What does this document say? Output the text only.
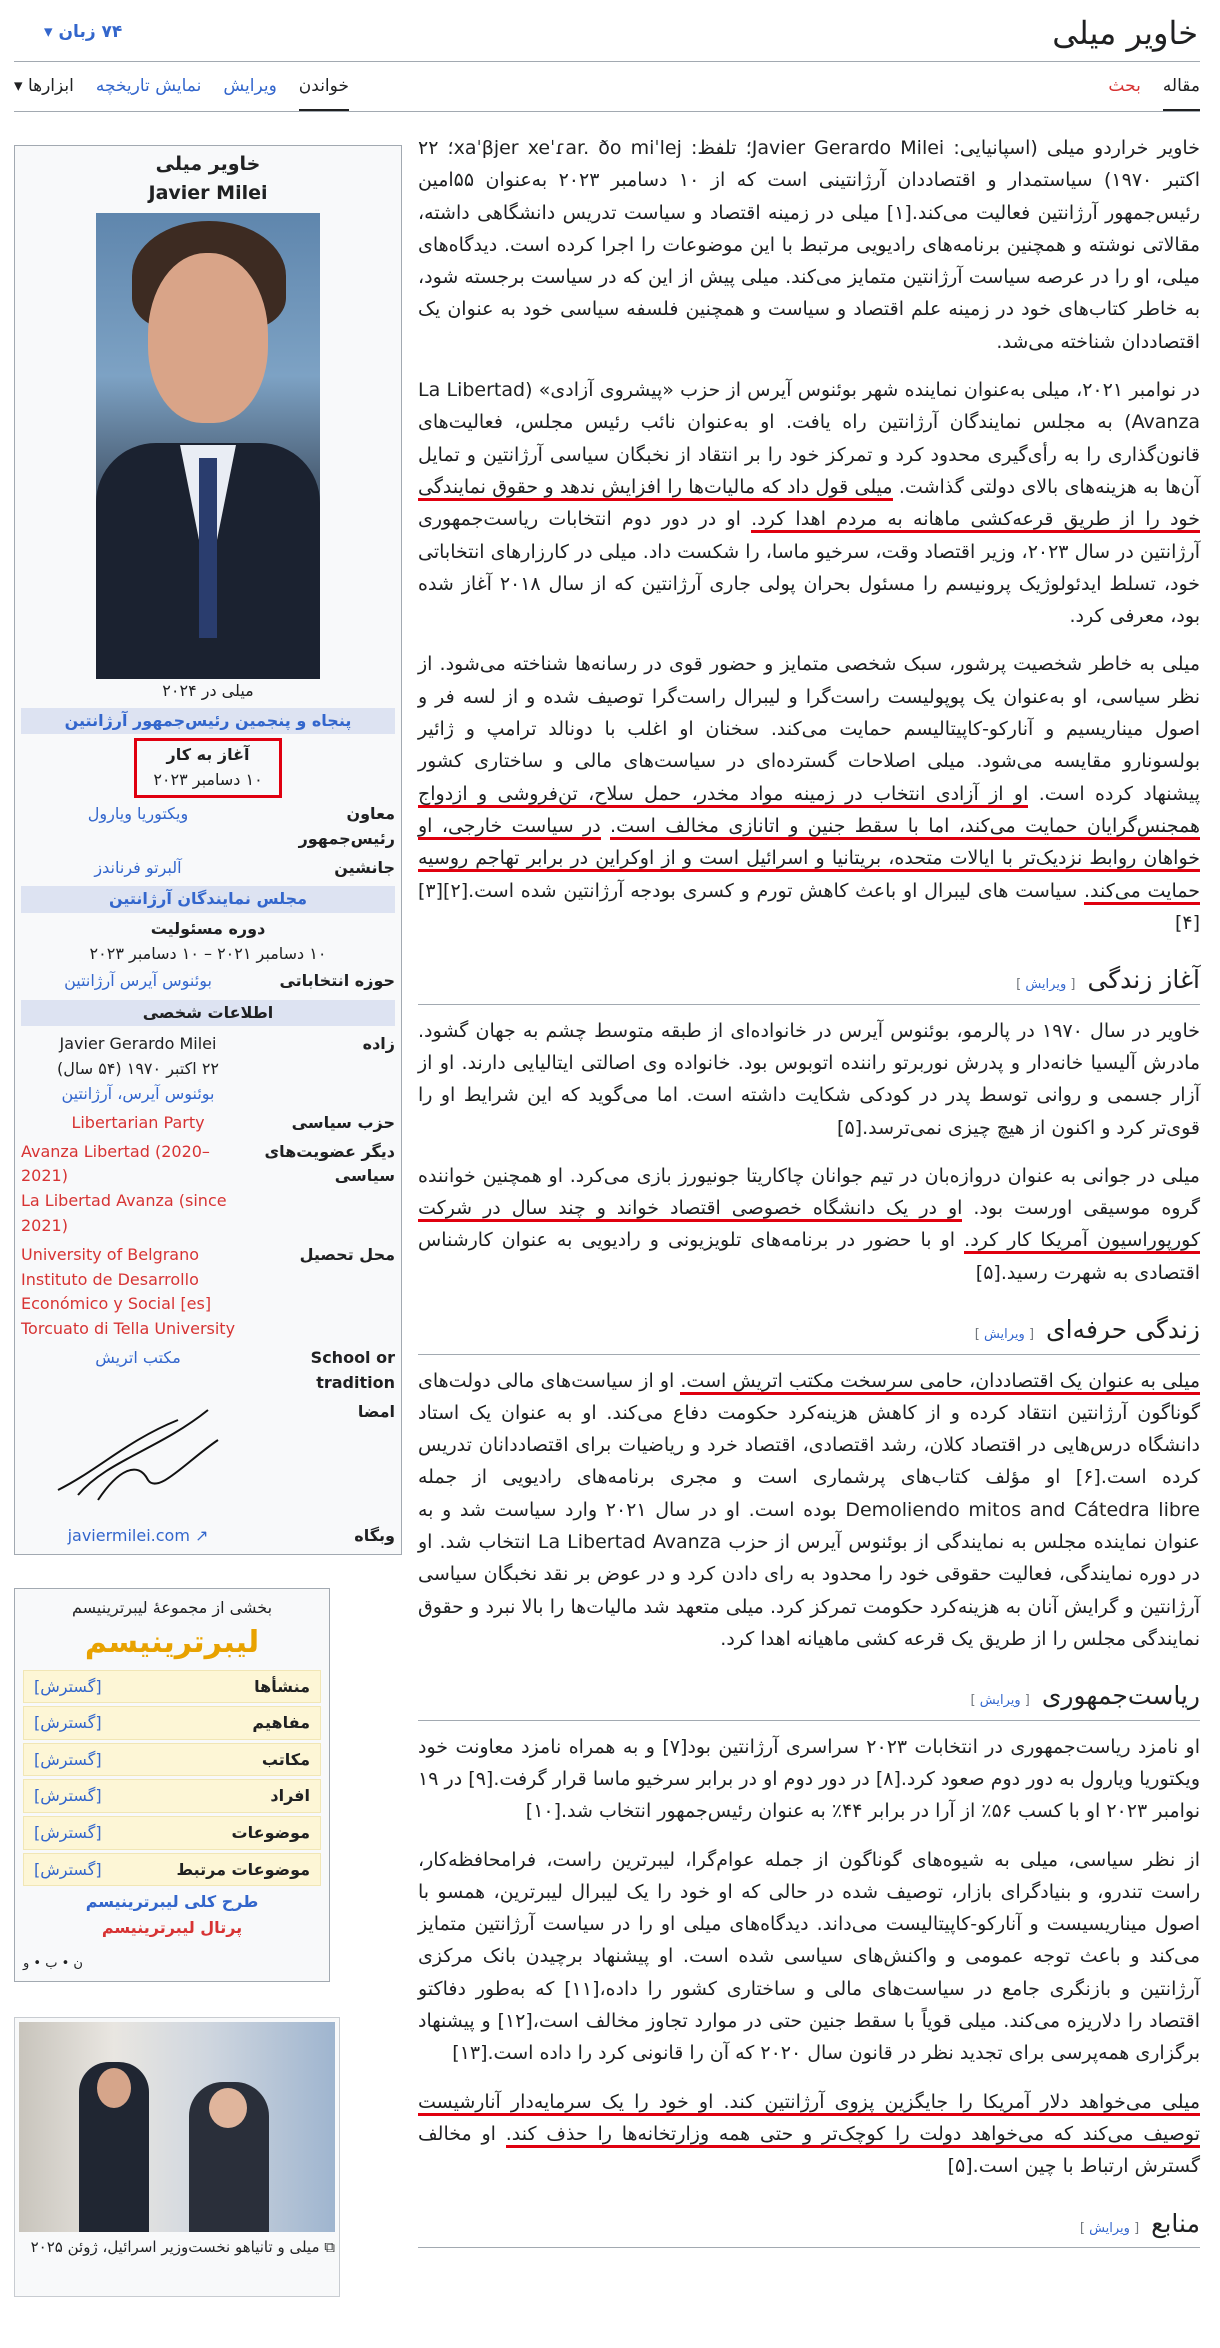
خاویر میلی
۷۴ زبان
▾
مقاله
بحث
خواندن
ویرایش
نمایش تاریخچه
ابزارها ▾

خاویر خراردو میلی (اسپانیایی: Javier Gerardo Milei؛ تلفظ: xaˈβjer xeˈɾar. ðo miˈlej؛ ۲۲ اکتبر ۱۹۷۰) سیاستمدار و اقتصاددان آرژانتینی است که از ۱۰ دسامبر ۲۰۲۳ به‌عنوان ۵۵امین رئیس‌جمهور آرژانتین فعالیت می‌کند.[۱] میلی در زمینه اقتصاد و سیاست تدریس دانشگاهی داشته، مقالاتی نوشته و همچنین برنامه‌های رادیویی مرتبط با این موضوعات را اجرا کرده است. دیدگاه‌های میلی، او را در عرصه سیاست آرژانتین متمایز می‌کند. میلی پیش از این که در سیاست برجسته شود، به خاطر کتاب‌های خود در زمینه علم اقتصاد و سیاست و همچنین فلسفه سیاسی خود به عنوان یک اقتصاددان شناخته می‌شد.

در نوامبر ۲۰۲۱، میلی به‌عنوان نماینده شهر بوئنوس آیرس از حزب «پیشروی آزادی» (La Libertad Avanza) به مجلس نمایندگان آرژانتین راه یافت. او به‌عنوان نائب رئیس مجلس، فعالیت‌های قانون‌گذاری را به رأی‌گیری محدود کرد و تمرکز خود را بر انتقاد از نخبگان سیاسی آرژانتین و تمایل آن‌ها به هزینه‌های بالای دولتی گذاشت. میلی قول داد که مالیات‌ها را افزایش ندهد و حقوق نمایندگی خود را از طریق قرعه‌کشی ماهانه به مردم اهدا کرد. او در دور دوم انتخابات ریاست‌جمهوری آرژانتین در سال ۲۰۲۳، وزیر اقتصاد وقت، سرخیو ماسا، را شکست داد. میلی در کارزارهای انتخاباتی خود، تسلط ایدئولوژیک پرونیسم را مسئول بحران پولی جاری آرژانتین که از سال ۲۰۱۸ آغاز شده بود، معرفی کرد.

میلی به خاطر شخصیت پرشور، سبک شخصی متمایز و حضور قوی در رسانه‌ها شناخته می‌شود. از نظر سیاسی، او به‌عنوان یک پوپولیست راست‌گرا و لیبرال راست‌گرا توصیف شده و از لسه فر و اصول میناریسیم و آنارکو-کاپیتالیسم حمایت می‌کند. سخنان او اغلب با دونالد ترامپ و ژائیر بولسونارو مقایسه می‌شود. میلی اصلاحات گسترده‌ای در سیاست‌های مالی و ساختاری کشور پیشنهاد کرده است. او از آزادی انتخاب در زمینه مواد مخدر، حمل سلاح، تن‌فروشی و ازدواج همجنس‌گرایان حمایت می‌کند، اما با سقط جنین و اتانازی مخالف است. در سیاست خارجی، او خواهان روابط نزدیک‌تر با ایالات متحده، بریتانیا و اسرائیل است و از اوکراین در برابر تهاجم روسیه حمایت می‌کند. سیاست های لیبرال او باعث کاهش تورم و کسری بودجه آرژانتین شده است.[۲][۳][۴]

آغاز زندگی
[ ویرایش ]

خاویر در سال ۱۹۷۰ در پالرمو، بوئنوس آیرس در خانواده‌ای از طبقه متوسط چشم به جهان گشود. مادرش آلیسیا خانه‌دار و پدرش نوربرتو راننده اتوبوس بود. خانواده وی اصالتی ایتالیایی دارند. او از آزار جسمی و روانی توسط پدر در کودکی شکایت داشته است. اما می‌گوید که این شرایط او را قوی‌تر کرد و اکنون از هیچ چیزی نمی‌ترسد.[۵]

میلی در جوانی به عنوان دروازه‌بان در تیم جوانان چاکاریتا جونیورز بازی می‌کرد. او همچنین خواننده گروه موسیقی اورست بود. او در یک دانشگاه خصوصی اقتصاد خواند و چند سال در شرکت کورپوراسیون آمریکا کار کرد. او با حضور در برنامه‌های تلویزیونی و رادیویی به عنوان کارشناس اقتصادی به شهرت رسید.[۵]

زندگی حرفه‌ای
[ ویرایش ]

میلی به عنوان یک اقتصاددان، حامی سرسخت مکتب اتریش است. او از سیاست‌های مالی دولت‌های گوناگون آرژانتین انتقاد کرده و از کاهش هزینه‌کرد حکومت دفاع می‌کند. او به عنوان یک استاد دانشگاه درس‌هایی در اقتصاد کلان، رشد اقتصادی، اقتصاد خرد و ریاضیات برای اقتصاددانان تدریس کرده است.[۶] او مؤلف کتاب‌های پرشماری است و مجری برنامه‌های رادیویی از جمله Demoliendo mitos and Cátedra libre بوده است. او در سال ۲۰۲۱ وارد سیاست شد و به عنوان نماینده مجلس به نمایندگی از بوئنوس آیرس از حزب La Libertad Avanza انتخاب شد. او در دوره نمایندگی، فعالیت حقوقی خود را محدود به رای دادن کرد و در عوض بر نقد نخبگان سیاسی آرژانتین و گرایش آنان به هزینه‌کرد حکومت تمرکز کرد. میلی متعهد شد مالیات‌ها را بالا نبرد و حقوق نمایندگی مجلس را از طریق یک قرعه کشی ماهیانه اهدا کرد.

ریاست‌جمهوری
[ ویرایش ]

او نامزد ریاست‌جمهوری در انتخابات ۲۰۲۳ سراسری آرژانتین بود[۷] و به همراه نامزد معاونت خود ویکتوریا ویارول به دور دوم صعود کرد.[۸] در دور دوم او در برابر سرخیو ماسا قرار گرفت.[۹] در ۱۹ نوامبر ۲۰۲۳ او با کسب ۵۶٪ از آرا در برابر ۴۴٪ به عنوان رئیس‌جمهور انتخاب شد.[۱۰]

از نظر سیاسی، میلی به شیوه‌های گوناگون از جمله عوام‌گرا، لیبرترین راست، فرامحافظه‌کار، راست تندرو، و بنیادگرای بازار، توصیف شده در حالی که او خود را یک لیبرال لیبرترین، همسو با اصول میناریسیست و آنارکو-کاپیتالیست می‌داند. دیدگاه‌های میلی او را در سیاست آرژانتین متمایز می‌کند و باعث توجه عمومی و واکنش‌های سیاسی شده است. او پیشنهاد برچیدن بانک مرکزی آرژانتین و بازنگری جامع در سیاست‌های مالی و ساختاری کشور را داده،[۱۱] که به‌طور دفاکتو اقتصاد را دلاریزه می‌کند. میلی قویاً با سقط جنین حتی در موارد تجاوز مخالف است،[۱۲] و پیشنهاد برگزاری همه‌پرسی برای تجدید نظر در قانون سال ۲۰۲۰ که آن را قانونی کرد را داده است.[۱۳]

میلی می‌خواهد دلار آمریکا را جایگزین پزوی آرژانتین کند. او خود را یک سرمایه‌دار آنارشیست توصیف می‌کند که می‌خواهد دولت را کوچک‌تر و حتی همه وزارتخانه‌ها را حذف کند. او مخالف گسترش ارتباط با چین است.[۵]

منابع
[ ویرایش ]
خاویر میلی
Javier Milei
میلی در ۲۰۲۴
پنجاه و پنجمین رئیس‌جمهور آرژانتین
آغاز به کار
۱۰ دسامبر ۲۰۲۳
معاون رئیس‌جمهور
ویکتوریا ویارول
جانشین
آلبرتو فرناندز
مجلس نمایندگان آرژانتین
دوره مسئولیت
۱۰ دسامبر ۲۰۲۱ – ۱۰ دسامبر ۲۰۲۳
حوزه انتخاباتی
بوئنوس آیرس آرژانتین
اطلاعات شخصی
زاده
Javier Gerardo Milei
۲۲ اکتبر ۱۹۷۰ (۵۴ سال)
بوئنوس آیرس، آرژانتین
حزب سیاسی
Libertarian Party
دیگر عضویت‌های سیاسی
Avanza Libertad (2020–2021)
La Libertad Avanza (since 2021)
محل تحصیل
University of Belgrano
Instituto de Desarrollo Económico y Social [es]
Torcuato di Tella University
School or tradition
مکتب اتریش
امضا
وبگاه
↗ javiermilei.com
بخشی از مجموعهٔ لیبرترینیسم
لیبرترینیسم
منشأها
[گسترش]
مفاهیم
[گسترش]
مکاتب
[گسترش]
افراد
[گسترش]
موضوعات
[گسترش]
موضوعات مرتبط
[گسترش]
طرح کلی لیبرترینیسم
پرتال لیبرترینیسم
ن • ب • و
⧉ میلی و تانیاهو نخست‌وزیر اسرائیل، ژوئن ۲۰۲۵
